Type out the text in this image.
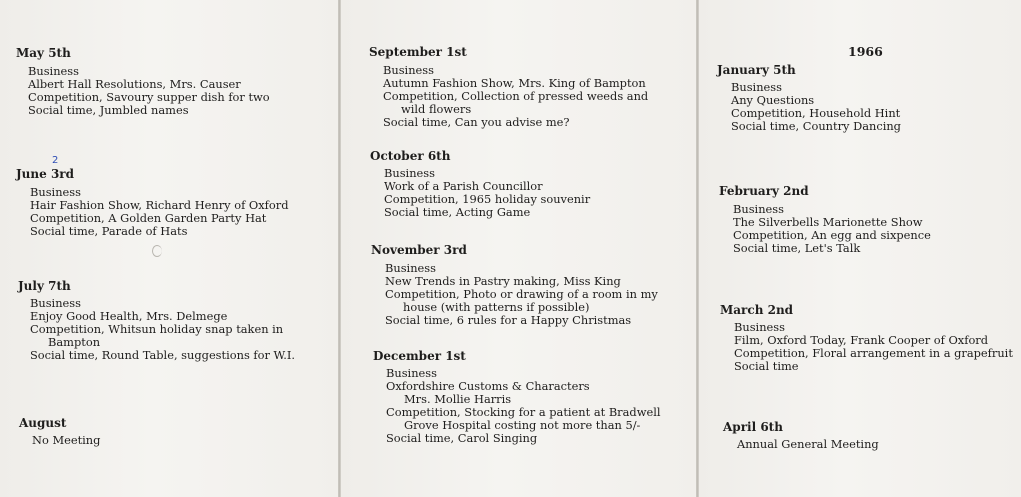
1966
2
May 5th
Business
Albert Hall Resolutions, Mrs. Causer
Competition, Savoury supper dish for two
Social time, Jumbled names
June 3rd
Business
Hair Fashion Show, Richard Henry of Oxford
Competition, A Golden Garden Party Hat
Social time, Parade of Hats
July 7th
Business
Enjoy Good Health, Mrs. Delmege
Competition, Whitsun holiday snap taken in
Bampton
Social time, Round Table, suggestions for W.I.
August
No Meeting
September 1st
Business
Autumn Fashion Show, Mrs. King of Bampton
Competition, Collection of pressed weeds and
wild flowers
Social time, Can you advise me?
October 6th
Business
Work of a Parish Councillor
Competition, 1965 holiday souvenir
Social time, Acting Game
November 3rd
Business
New Trends in Pastry making, Miss King
Competition, Photo or drawing of a room in my
house (with patterns if possible)
Social time, 6 rules for a Happy Christmas
December 1st
Business
Oxfordshire Customs & Characters
Mrs. Mollie Harris
Competition, Stocking for a patient at Bradwell
Grove Hospital costing not more than 5/-
Social time, Carol Singing
January 5th
Business
Any Questions
Competition, Household Hint
Social time, Country Dancing
February 2nd
Business
The Silverbells Marionette Show
Competition, An egg and sixpence
Social time, Let's Talk
March 2nd
Business
Film, Oxford Today, Frank Cooper of Oxford
Competition, Floral arrangement in a grapefruit
Social time
April 6th
Annual General Meeting
